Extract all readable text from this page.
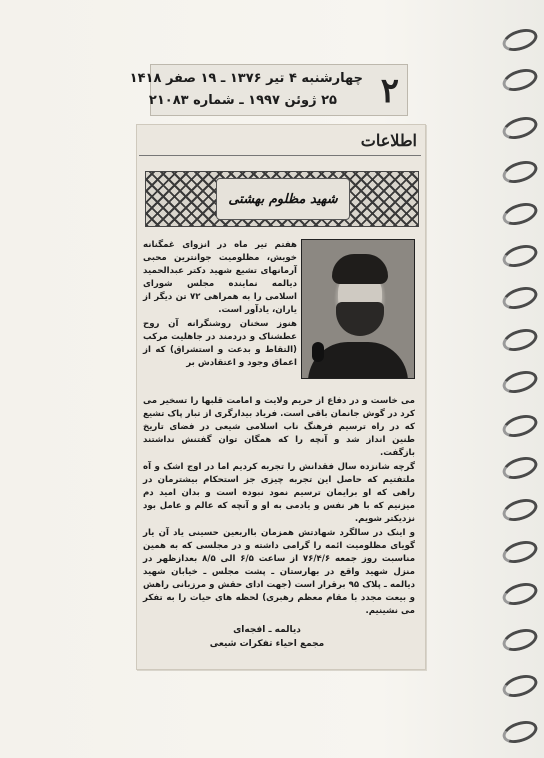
۲
چهارشنبه ۴ تیر ۱۳۷۶ ـ ۱۹ صفر ۱۴۱۸
۲۵ ژوئن ۱۹۹۷ ـ شماره ۲۱۰۸۳
اطلاعات
شهید مظلوم بهشتی

هفتم تیر ماه در انزوای غمگنانه خویش، مظلومیت جوانترین محبی آرمانهای تشیع شهید دکتر عبدالحمید دیالمه نماینده مجلس شورای اسلامی را به همراهی ۷۲ تن دیگر از یاران، یادآور است.

هنوز سخنان روشنگرانه آن روح عطشناک و دردمند در جاهلیت مرکب (التقاط و بدعت و استشراق) که از اعماق وجود و اعتقادش بر

می خاست و در دفاع از حریم ولایت و امامت قلبها را تسخیر می کرد در گوش جانمان باقی است. فریاد بیدارگری از تبار پاک تشیع که در راه ترسیم فرهنگ ناب اسلامی شیعی در فضای تاریخ طنین انداز شد و آنچه را که همگان توان گفتنش نداشتند بازگفت.

گرچه شانزده سال فقدانش را تجربه کردیم اما در اوج اشک و آه ملتفتیم که حاصل این تجربه چیزی جز استحکام بیشترمان در راهی که او برایمان ترسیم نمود نبوده است و بدان امید دم میزنیم که با هر نفس و یادمی به او و آنچه که عالم و عامل بود نزدیکتر شویم.

و اینک در سالگرد شهادتش همزمان بااربعین حسینی یاد آن یار گویای مظلومیت ائمه را گرامی داشته و در مجلسی که به همین مناسبت روز جمعه ۷۶/۴/۶ از ساعت ۶/۵ الی ۸/۵ بعدازظهر در منزل شهید واقع در بهارستان ـ پشت مجلس ـ خیابان شهید دیالمه ـ پلاک ۹۵ برقرار است (جهت ادای حقش و مرزبانی راهش و بیعت مجدد با مقام معظم رهبری) لحظه های حیات را به تفکر می نشینیم.

دیالمه ـ افجه‌ای
مجمع احیاء تفکرات شیعی
